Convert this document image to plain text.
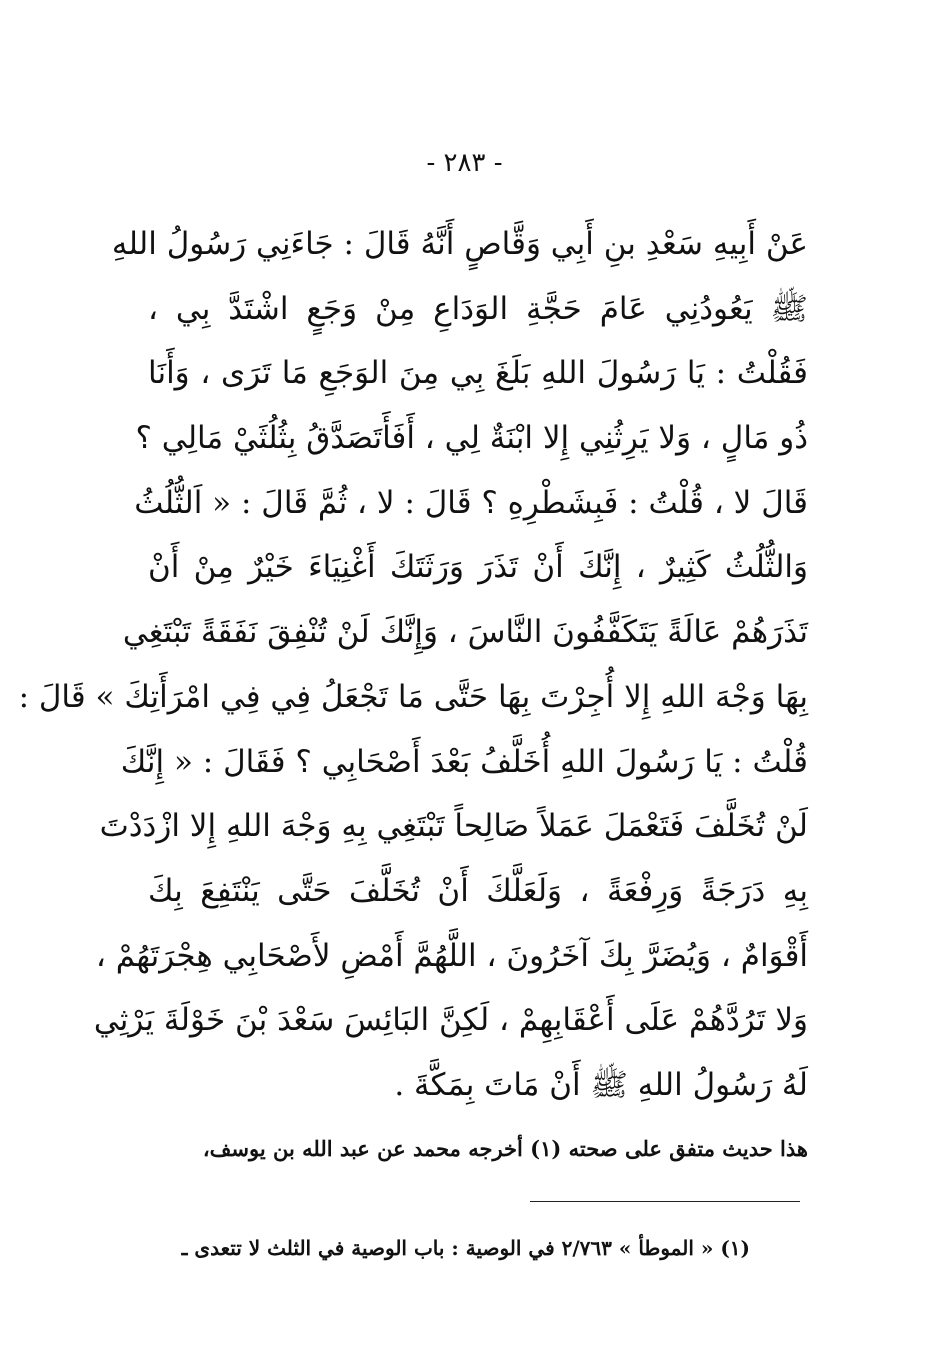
- ٢٨٣ -
عَنْ أَبِيهِ سَعْدِ بنِ أَبِي وَقَّاصٍ أَنَّهُ قَالَ : جَاءَنِي رَسُولُ اللهِ
ﷺ يَعُودُنِي عَامَ حَجَّةِ الوَدَاعِ مِنْ وَجَعٍ اشْتَدَّ بِي ،
فَقُلْتُ : يَا رَسُولَ اللهِ بَلَغَ بِي مِنَ الوَجَعِ مَا تَرَى ، وَأَنَا
ذُو مَالٍ ، وَلا يَرِثُنِي إِلا ابْنَةٌ لِي ، أَفَأَتَصَدَّقُ بِثُلُثَيْ مَالِي ؟
قَالَ لا ، قُلْتُ : فَبِشَطْرِهِ ؟ قَالَ : لا ، ثُمَّ قَالَ : « اَلثُّلُثُ
وَالثُّلُثُ كَثِيرٌ ، إِنَّكَ أَنْ تَذَرَ وَرَثَتَكَ أَغْنِيَاءَ خَيْرٌ مِنْ أَنْ
تَذَرَهُمْ عَالَةً يَتَكَفَّفُونَ النَّاسَ ، وَإِنَّكَ لَنْ تُنْفِقَ نَفَقَةً تَبْتَغِي
بِهَا وَجْهَ اللهِ إِلا أُجِرْتَ بِهَا حَتَّى مَا تَجْعَلُ فِي فِي امْرَأَتِكَ » قَالَ :
قُلْتُ : يَا رَسُولَ اللهِ أُخَلَّفُ بَعْدَ أَصْحَابِي ؟ فَقَالَ : « إِنَّكَ
لَنْ تُخَلَّفَ فَتَعْمَلَ عَمَلاً صَالِحاً تَبْتَغِي بِهِ وَجْهَ اللهِ إِلا ازْدَدْتَ
بِهِ دَرَجَةً وَرِفْعَةً ، وَلَعَلَّكَ أَنْ تُخَلَّفَ حَتَّى يَنْتَفِعَ بِكَ
أَقْوَامٌ ، وَيُضَرَّ بِكَ آخَرُونَ ، اللَّهُمَّ أَمْضِ لأَصْحَابِي هِجْرَتَهُمْ ،
وَلا تَرُدَّهُمْ عَلَى أَعْقَابِهِمْ ، لَكِنَّ البَائِسَ سَعْدَ بْنَ خَوْلَةَ يَرْثِي
لَهُ رَسُولُ اللهِ ﷺ أَنْ مَاتَ بِمَكَّةَ .
هذا حديث متفق على صحته (١) أخرجه محمد عن عبد الله بن يوسف،
(١) « الموطأ » ٢/٧٦٣ في الوصية : باب الوصية في الثلث لا تتعدى ـ
